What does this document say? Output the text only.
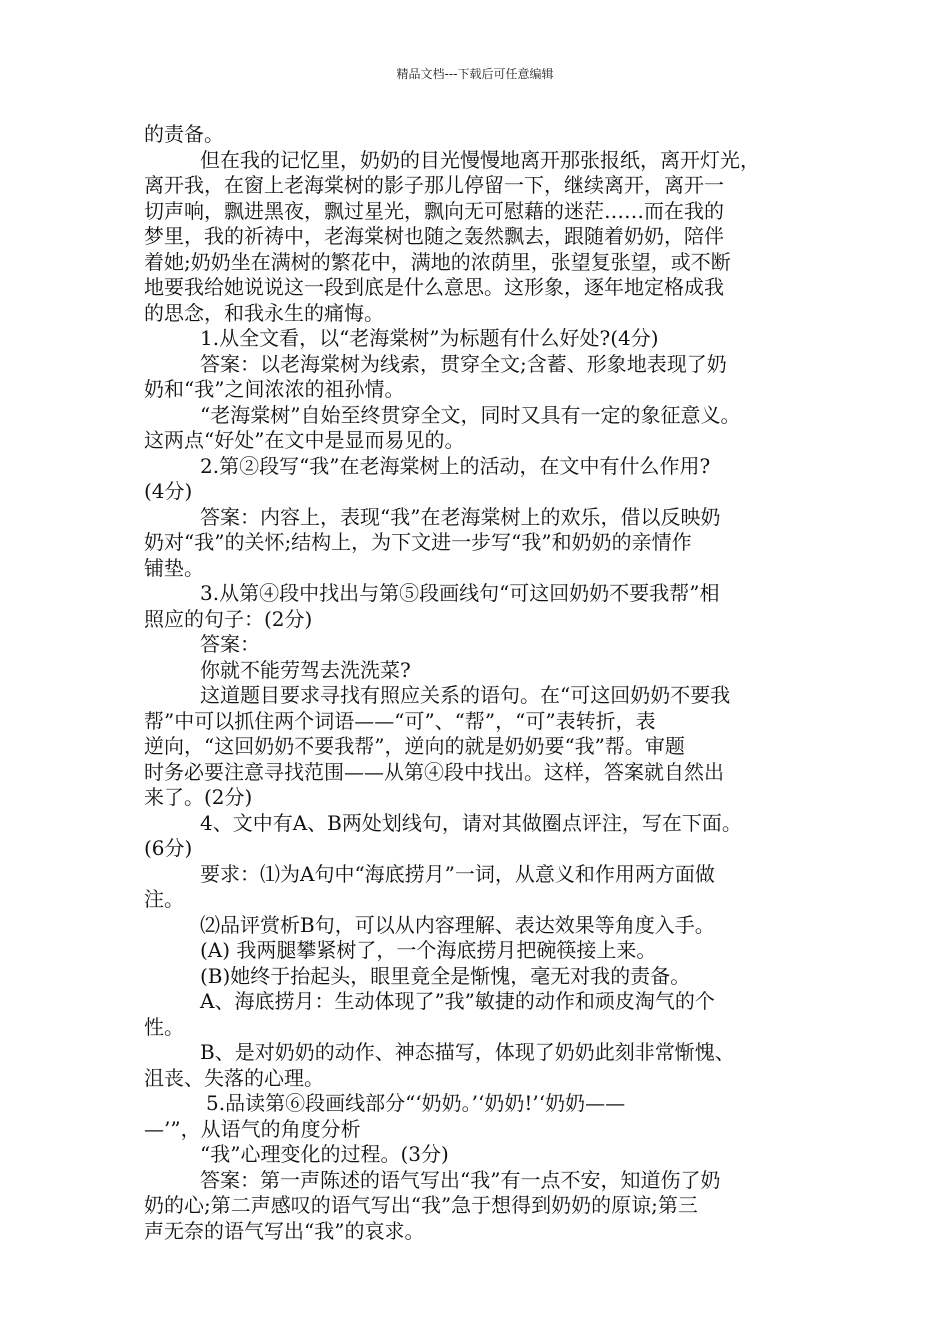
精品文档---下载后可任意编辑

的责备。

但在我的记忆里，奶奶的目光慢慢地离开那张报纸，离开灯光，

离开我，在窗上老海棠树的影子那儿停留一下，继续离开，离开一

切声响，飘进黑夜，飘过星光，飘向无可慰藉的迷茫……而在我的

梦里，我的祈祷中，老海棠树也随之轰然飘去，跟随着奶奶，陪伴

着她;奶奶坐在满树的繁花中，满地的浓荫里，张望复张望，或不断

地要我给她说说这一段到底是什么意思。这形象，逐年地定格成我

的思念，和我永生的痛悔。

1.从全文看，以“老海棠树”为标题有什么好处?(4分)

答案：以老海棠树为线索，贯穿全文;含蓄、形象地表现了奶

奶和“我”之间浓浓的祖孙情。

“老海棠树”自始至终贯穿全文，同时又具有一定的象征意义。

这两点“好处”在文中是显而易见的。

2.第②段写“我”在老海棠树上的活动，在文中有什么作用?

(4分)

答案：内容上，表现“我”在老海棠树上的欢乐，借以反映奶

奶对“我”的关怀;结构上，为下文进一步写“我”和奶奶的亲情作

铺垫。

3.从第④段中找出与第⑤段画线句“可这回奶奶不要我帮”相

照应的句子：(2分)

答案：

你就不能劳驾去洗洗菜?

这道题目要求寻找有照应关系的语句。在“可这回奶奶不要我

帮”中可以抓住两个词语——“可”、“帮”，“可”表转折，表

逆向，“这回奶奶不要我帮”，逆向的就是奶奶要“我”帮。审题

时务必要注意寻找范围——从第④段中找出。这样，答案就自然出

来了。(2分)

4、文中有A、B两处划线句，请对其做圈点评注，写在下面。

(6分)

要求：⑴为A句中“海底捞月”一词，从意义和作用两方面做

注。

⑵品评赏析B句，可以从内容理解、表达效果等角度入手。

(A) 我两腿攀紧树了，一个海底捞月把碗筷接上来。

(B)她终于抬起头，眼里竟全是惭愧，毫无对我的责备。

A、海底捞月：生动体现了”我”敏捷的动作和顽皮淘气的个

性。

B、是对奶奶的动作、神态描写，体现了奶奶此刻非常惭愧、

沮丧、失落的心理。

5.品读第⑥段画线部分“‘奶奶。’‘奶奶!’‘奶奶——

—’”，从语气的角度分析

“我”心理变化的过程。(3分)

答案：第一声陈述的语气写出“我”有一点不安，知道伤了奶

奶的心;第二声感叹的语气写出“我”急于想得到奶奶的原谅;第三

声无奈的语气写出“我”的哀求。
